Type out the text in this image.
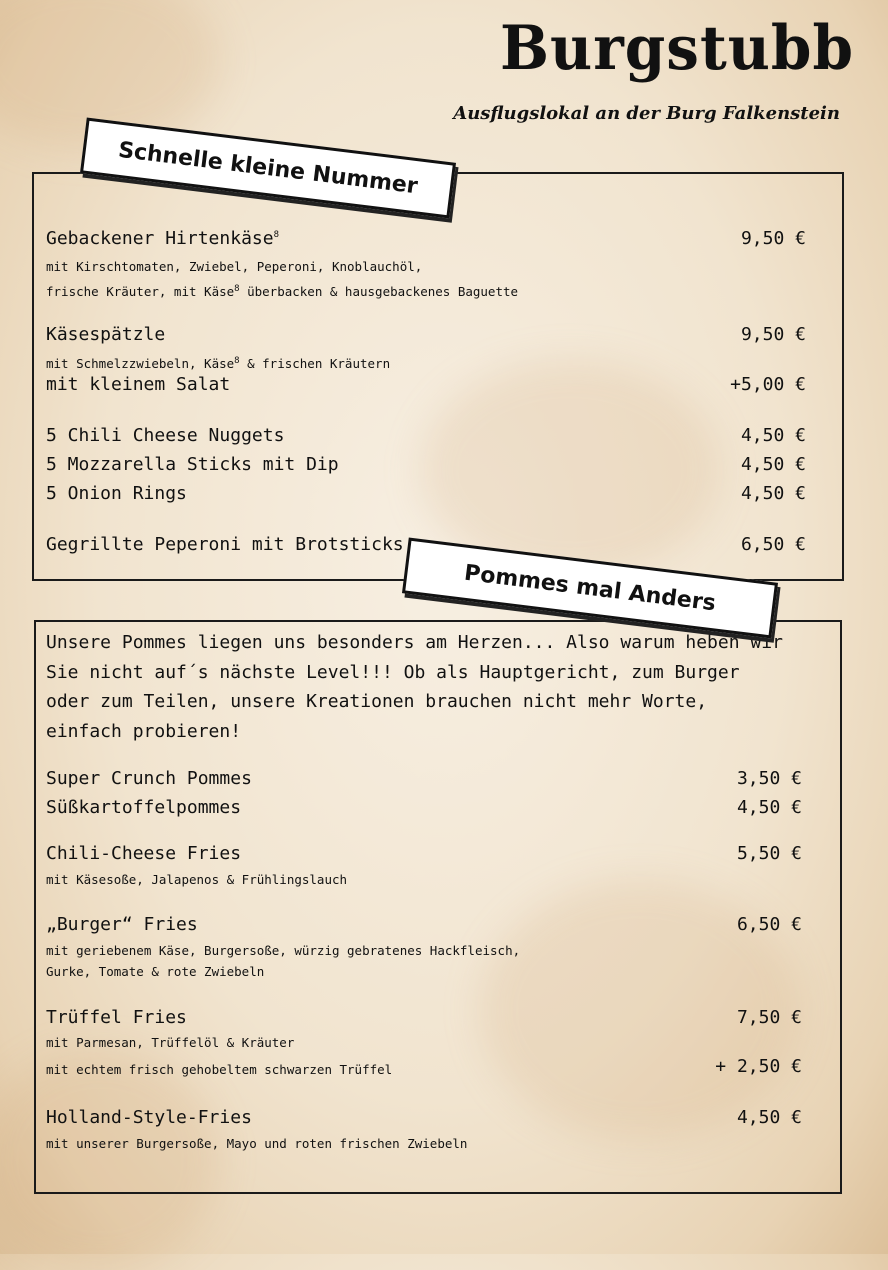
Burgstubb
Ausflugslokal an der Burg Falkenstein
Gebackener Hirtenkäse$^8$	9,50 €
mit Kirschtomaten, Zwiebel, Peperoni, Knoblauchöl,
frische Kräuter, mit Käse$^8$ überbacken & hausgebackenes Baguette
Käsespätzle	9,50 €
mit Schmelzzwiebeln, Käse$^8$ & frischen Kräutern
mit kleinem Salat	+5,00 €
5 Chili Cheese Nuggets	4,50 €
5 Mozzarella Sticks mit Dip	4,50 €
5 Onion Rings	4,50 €
Gegrillte Peperoni mit Brotsticks	6,50 €
Schnelle kleine Nummer
Unsere Pommes liegen uns besonders am Herzen... Also warum heben wir Sie nicht auf´s nächste Level!!! Ob als Hauptgericht, zum Burger oder zum Teilen, unsere Kreationen brauchen nicht mehr Worte, einfach probieren!
Super Crunch Pommes	3,50 €
Süßkartoffelpommes	4,50 €
Chili-Cheese Fries	5,50 €
mit Käsesoße, Jalapenos & Frühlingslauch
„Burger“ Fries	6,50 €
mit geriebenem Käse, Burgersoße, würzig gebratenes Hackfleisch,
Gurke, Tomate & rote Zwiebeln
Trüffel Fries	7,50 €
mit Parmesan, Trüffelöl & Kräuter
mit echtem frisch gehobeltem schwarzen Trüffel	+ 2,50 €
Holland-Style-Fries	4,50 €
mit unserer Burgersoße, Mayo und roten frischen Zwiebeln
Pommes mal Anders
